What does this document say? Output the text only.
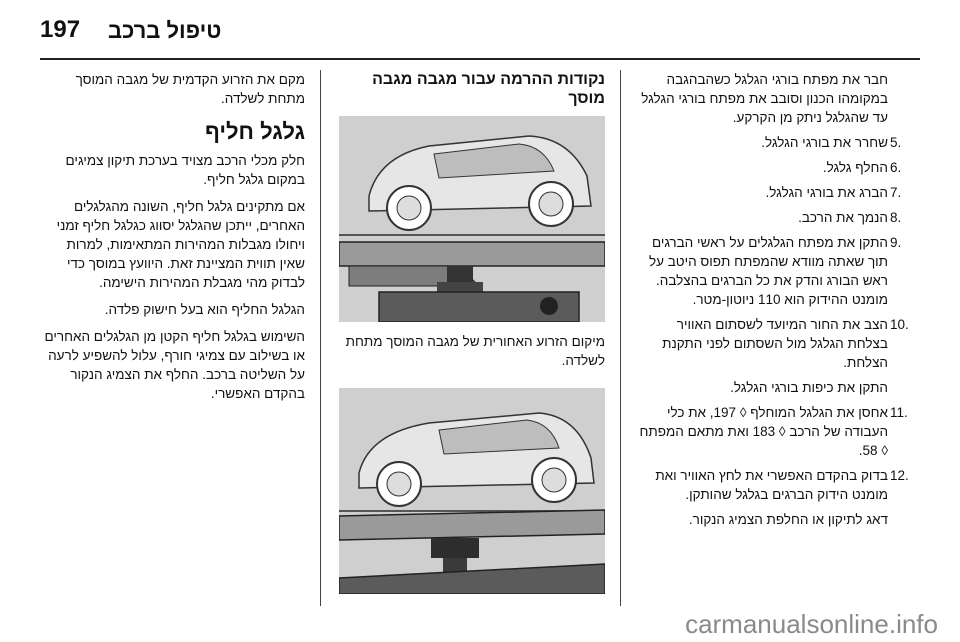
197 טיפול ברכב
חבר את מפתח בורגי הגלגל כשהבהגבה במקומהו הכנון וסובב את מפתח בורגי הגלגל עד שהגלגל ניתק מן הקרקע.
5.
שחרר את בורגי הגלגל.
6.
החלף גלגל.
7.
הברג את בורגי הגלגל.
8.
הנמך את הרכב.
9.
התקן את מפתח הגלגלים על ראשי הברגים תוך שאתה מוודא שהמפתח תפוס היטב על ראש הבורג והדק את כל הברגים בהצלבה. מומנט ההידוק הוא 110 ניוטון-מטר.
10.
הצב את החור המיועד לשסתום האוויר בצלחת הגלגל מול השסתום לפני התקנת הצלחת.
התקן את כיפות בורגי הגלגל.
11.
אחסן את הגלגל המוחלף ◊ 197, את כלי העבודה של הרכב ◊ 183 ואת מתאם המפתח ◊ 58.
12.
בדוק בהקדם האפשרי את לחץ האוויר ואת מומנט הידוק הברגים בגלגל שהותקן.
דאג לתיקון או החלפת הצמיג הנקור.
נקודות ההרמה עבור מגבה מגבה מוסך
מיקום הזרוע האחורית של מגבה המוסך מתחת לשלדה.

מקם את הזרוע הקדמית של מגבה המוסך מתחת לשלדה.

גלגל חליף

חלק מכלי הרכב מצויד בערכת תיקון צמיגים במקום גלגל חליף.

אם מתקינים גלגל חליף, השונה מהגלגלים האחרים, ייתכן שהגלגל יסווג כגלגל חליף זמני ויחולו מגבלות המהירות המתאימות, למרות שאין תווית המציינת זאת. היוועץ במוסך כדי לבדוק מהי מגבלת המהירות הישימה.

הגלגל החליף הוא בעל חישוק פלדה.

השימוש בגלגל חליף הקטן מן הגלגלים האחרים או בשילוב עם צמיגי חורף, עלול להשפיע לרעה על השליטה ברכב. החלף את הצמיג הנקור בהקדם האפשרי.

carmanualsonline.info
